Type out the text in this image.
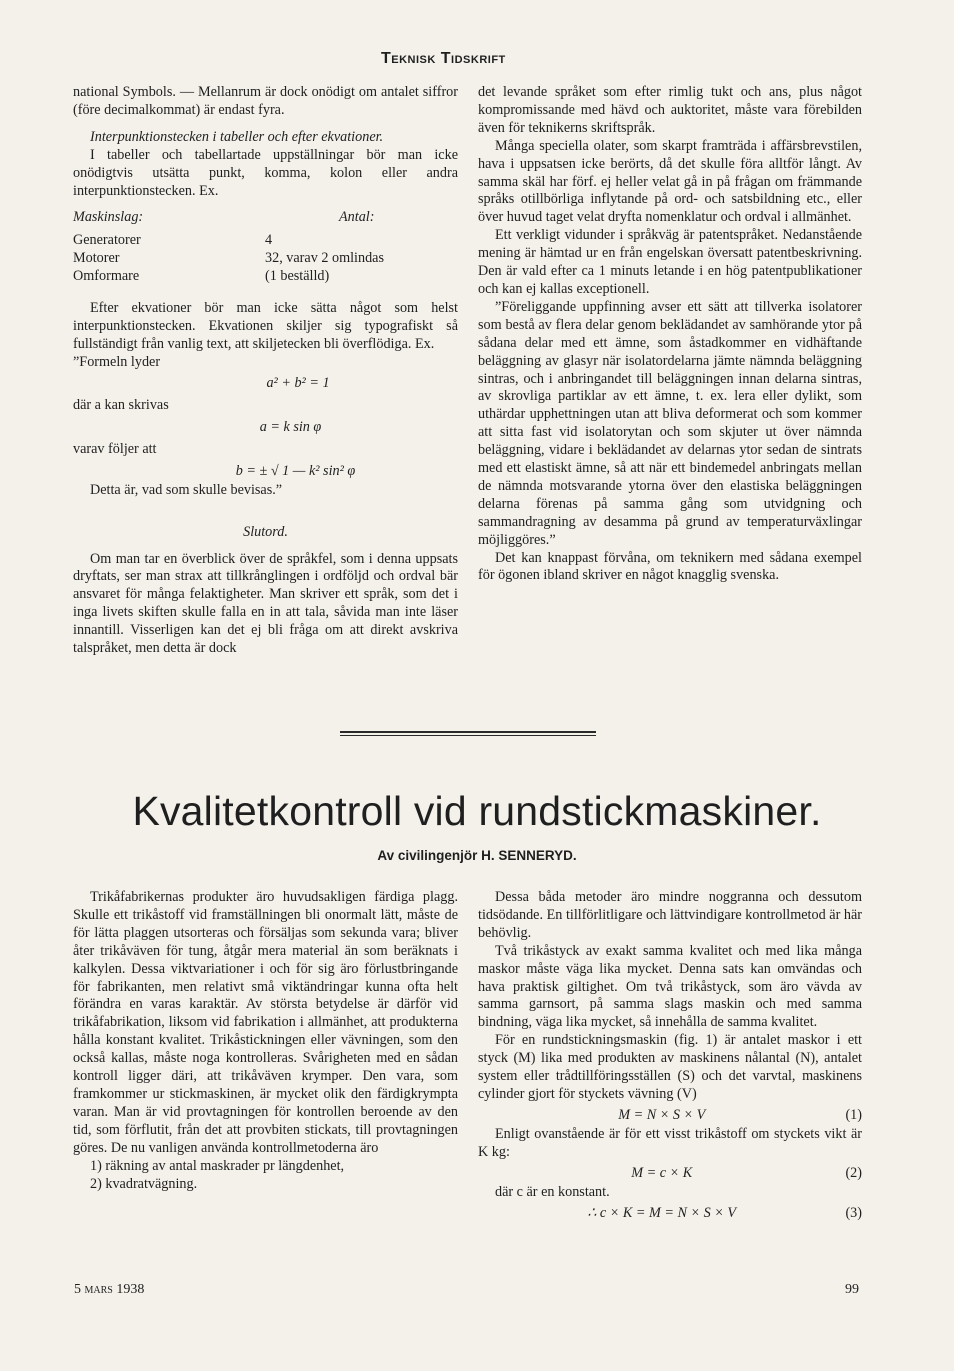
Teknisk Tidskrift

national Symbols. — Mellanrum är dock onödigt om antalet siffror (före decimalkommat) är endast fyra.

Interpunktionstecken i tabeller och efter ekvationer.

I tabeller och tabellartade uppställningar bör man icke onödigtvis utsätta punkt, komma, kolon eller andra interpunktionstecken. Ex.

Maskinslag:	Antal:
Generatorer	4
Motorer	32, varav 2 omlindas
Omformare	(1 beställd)

Efter ekvationer bör man icke sätta något som helst interpunktionstecken. Ekvationen skiljer sig typografiskt så fullständigt från vanlig text, att skiljetecken bli överflödiga. Ex.

”Formeln lyder

a² + b² = 1

där a kan skrivas

a = k sin φ

varav följer att

b = ± √ 1 — k² sin² φ

Detta är, vad som skulle bevisas.”

Slutord.

Om man tar en överblick över de språkfel, som i denna uppsats dryftats, ser man strax att tillkrånglingen i ordföljd och ordval bär ansvaret för många felaktigheter. Man skriver ett språk, som det i inga livets skiften skulle falla en in att tala, såvida man inte läser innantill. Visserligen kan det ej bli fråga om att direkt avskriva talspråket, men detta är dock

det levande språket som efter rimlig tukt och ans, plus något kompromissande med hävd och auktoritet, måste vara förebilden även för teknikerns skriftspråk.

Många speciella olater, som skarpt framträda i affärsbrevstilen, hava i uppsatsen icke berörts, då det skulle föra alltför långt. Av samma skäl har förf. ej heller velat gå in på frågan om främmande språks otillbörliga inflytande på ord- och satsbildning etc., eller över huvud taget velat dryfta nomenklatur och ordval i allmänhet.

Ett verkligt vidunder i språkväg är patentspråket. Nedanstående mening är hämtad ur en från engelskan översatt patentbeskrivning. Den är vald efter ca 1 minuts letande i en hög patentpublikationer och kan ej kallas exceptionell.

”Föreliggande uppfinning avser ett sätt att tillverka isolatorer som bestå av flera delar genom beklädandet av samhörande ytor på sådana delar med ett ämne, som åstadkommer en vidhäftande beläggning av glasyr när isolatordelarna jämte nämnda beläggning sintras, och i anbringandet till beläggningen innan delarna sintras, av skrovliga partiklar av ett ämne, t. ex. lera eller dylikt, som uthärdar upphettningen utan att bliva deformerat och som kommer att sitta fast vid isolatorytan och som skjuter ut över nämnda beläggning, vidare i beklädandet av delarnas ytor sedan de sintrats med ett elastiskt ämne, så att när ett bindemedel anbringats mellan de nämnda motsvarande ytorna över den elastiska beläggningen delarna förenas på samma gång som utvidgning och sammandragning av desamma på grund av temperaturväxlingar möjliggöres.”

Det kan knappast förvåna, om teknikern med sådana exempel för ögonen ibland skriver en något knagglig svenska.

Kvalitetkontroll vid rundstickmaskiner.
Av civilingenjör H. SENNERYD.

Trikåfabrikernas produkter äro huvudsakligen färdiga plagg. Skulle ett trikåstoff vid framställningen bli onormalt lätt, måste de för lätta plaggen utsorteras och försäljas som sekunda vara; bliver åter trikåväven för tung, åtgår mera material än som beräknats i kalkylen. Dessa viktvariationer i och för sig äro förlustbringande för fabrikanten, men relativt små viktändringar kunna ofta helt förändra en varas karaktär. Av största betydelse är därför vid trikåfabrikation, liksom vid fabrikation i allmänhet, att produkterna hålla konstant kvalitet. Trikåstickningen eller vävningen, som den också kallas, måste noga kontrolleras. Svårigheten med en sådan kontroll ligger däri, att trikåväven krymper. Den vara, som framkommer ur stickmaskinen, är mycket olik den färdigkrympta varan. Man är vid provtagningen för kontrollen beroende av den tid, som förflutit, från det att provbiten stickats, till provtagningen göres. De nu vanligen använda kontrollmetoderna äro

1) räkning av antal maskrader pr längdenhet,

2) kvadratvägning.

Dessa båda metoder äro mindre noggranna och dessutom tidsödande. En tillförlitligare och lättvindigare kontrollmetod är här behövlig.

Två trikåstyck av exakt samma kvalitet och med lika många maskor måste väga lika mycket. Denna sats kan omvändas och hava praktisk giltighet. Om två trikåstyck, som äro vävda av samma garnsort, på samma slags maskin och med samma bindning, väga lika mycket, så innehålla de samma kvalitet.

För en rundstickningsmaskin (fig. 1) är antalet maskor i ett styck (M) lika med produkten av maskinens nålantal (N), antalet system eller trådtillföringsställen (S) och det varvtal, maskinens cylinder gjort för styckets vävning (V)

M = N × S × V	(1)

Enligt ovanstående är för ett visst trikåstoff om styckets vikt är K kg:

M = c × K	(2)

där c är en konstant.

∴ c × K = M = N × S × V	(3)
5 mars 1938	99
